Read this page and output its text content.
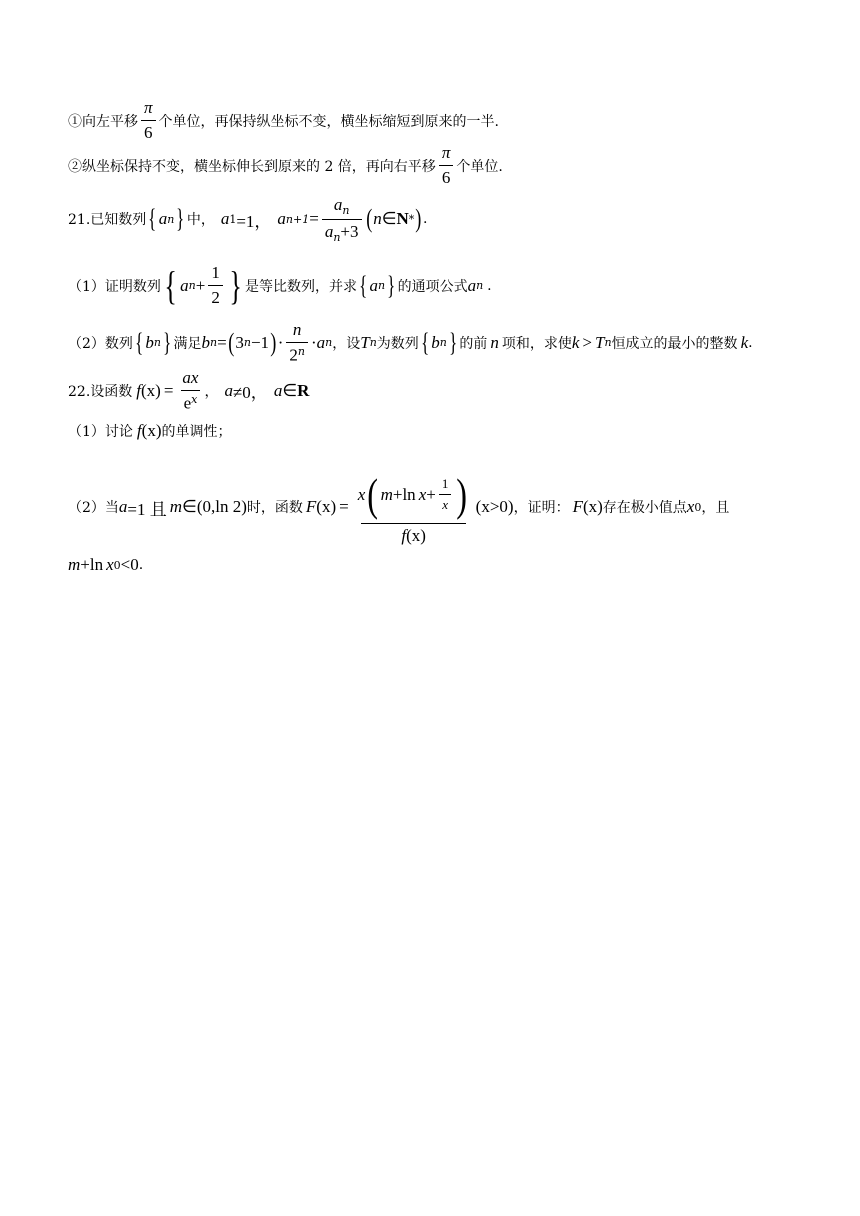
①向左平移 $\frac{\pi}{6}$ 个单位，再保持纵坐标不变，横坐标缩短到原来的一半.
②纵坐标保持不变，横坐标伸长到原来的 2 倍，再向右平移 $\frac{\pi}{6}$ 个单位.
21.已知数列 { a n } 中， a 1 =1， a $n+1 = \frac{a_n}{a_n+3}$ ( n ∈ N * ) .
（1）证明数列 { a $n + \frac{1}{2}$ } 是等比数列，并求 { a n } 的通项公式 a n .
（2）数列 { b n } 满足 b n = ( 3 n −1 ) · $\frac{n}{2^n} \cdot a$ n ，设 T n 为数列 { b n } 的前 n 项和，求使 k > T n 恒成立的最小的整数 k .
22.设函数 f $(x) = \frac{ax}{e^x}$ ， a ≠0， a ∈ R
（1）讨论 f (x) 的单调性；
（2）当 a =1 且 m ∈(0,ln 2) 时，函数 F (x) =
x ( m +ln $x + \frac{1}{x}$ )
f(x)
(x>0) ，证明： F (x) 存在极小值点 x 0 ，且
m +ln x 0 <0 .
